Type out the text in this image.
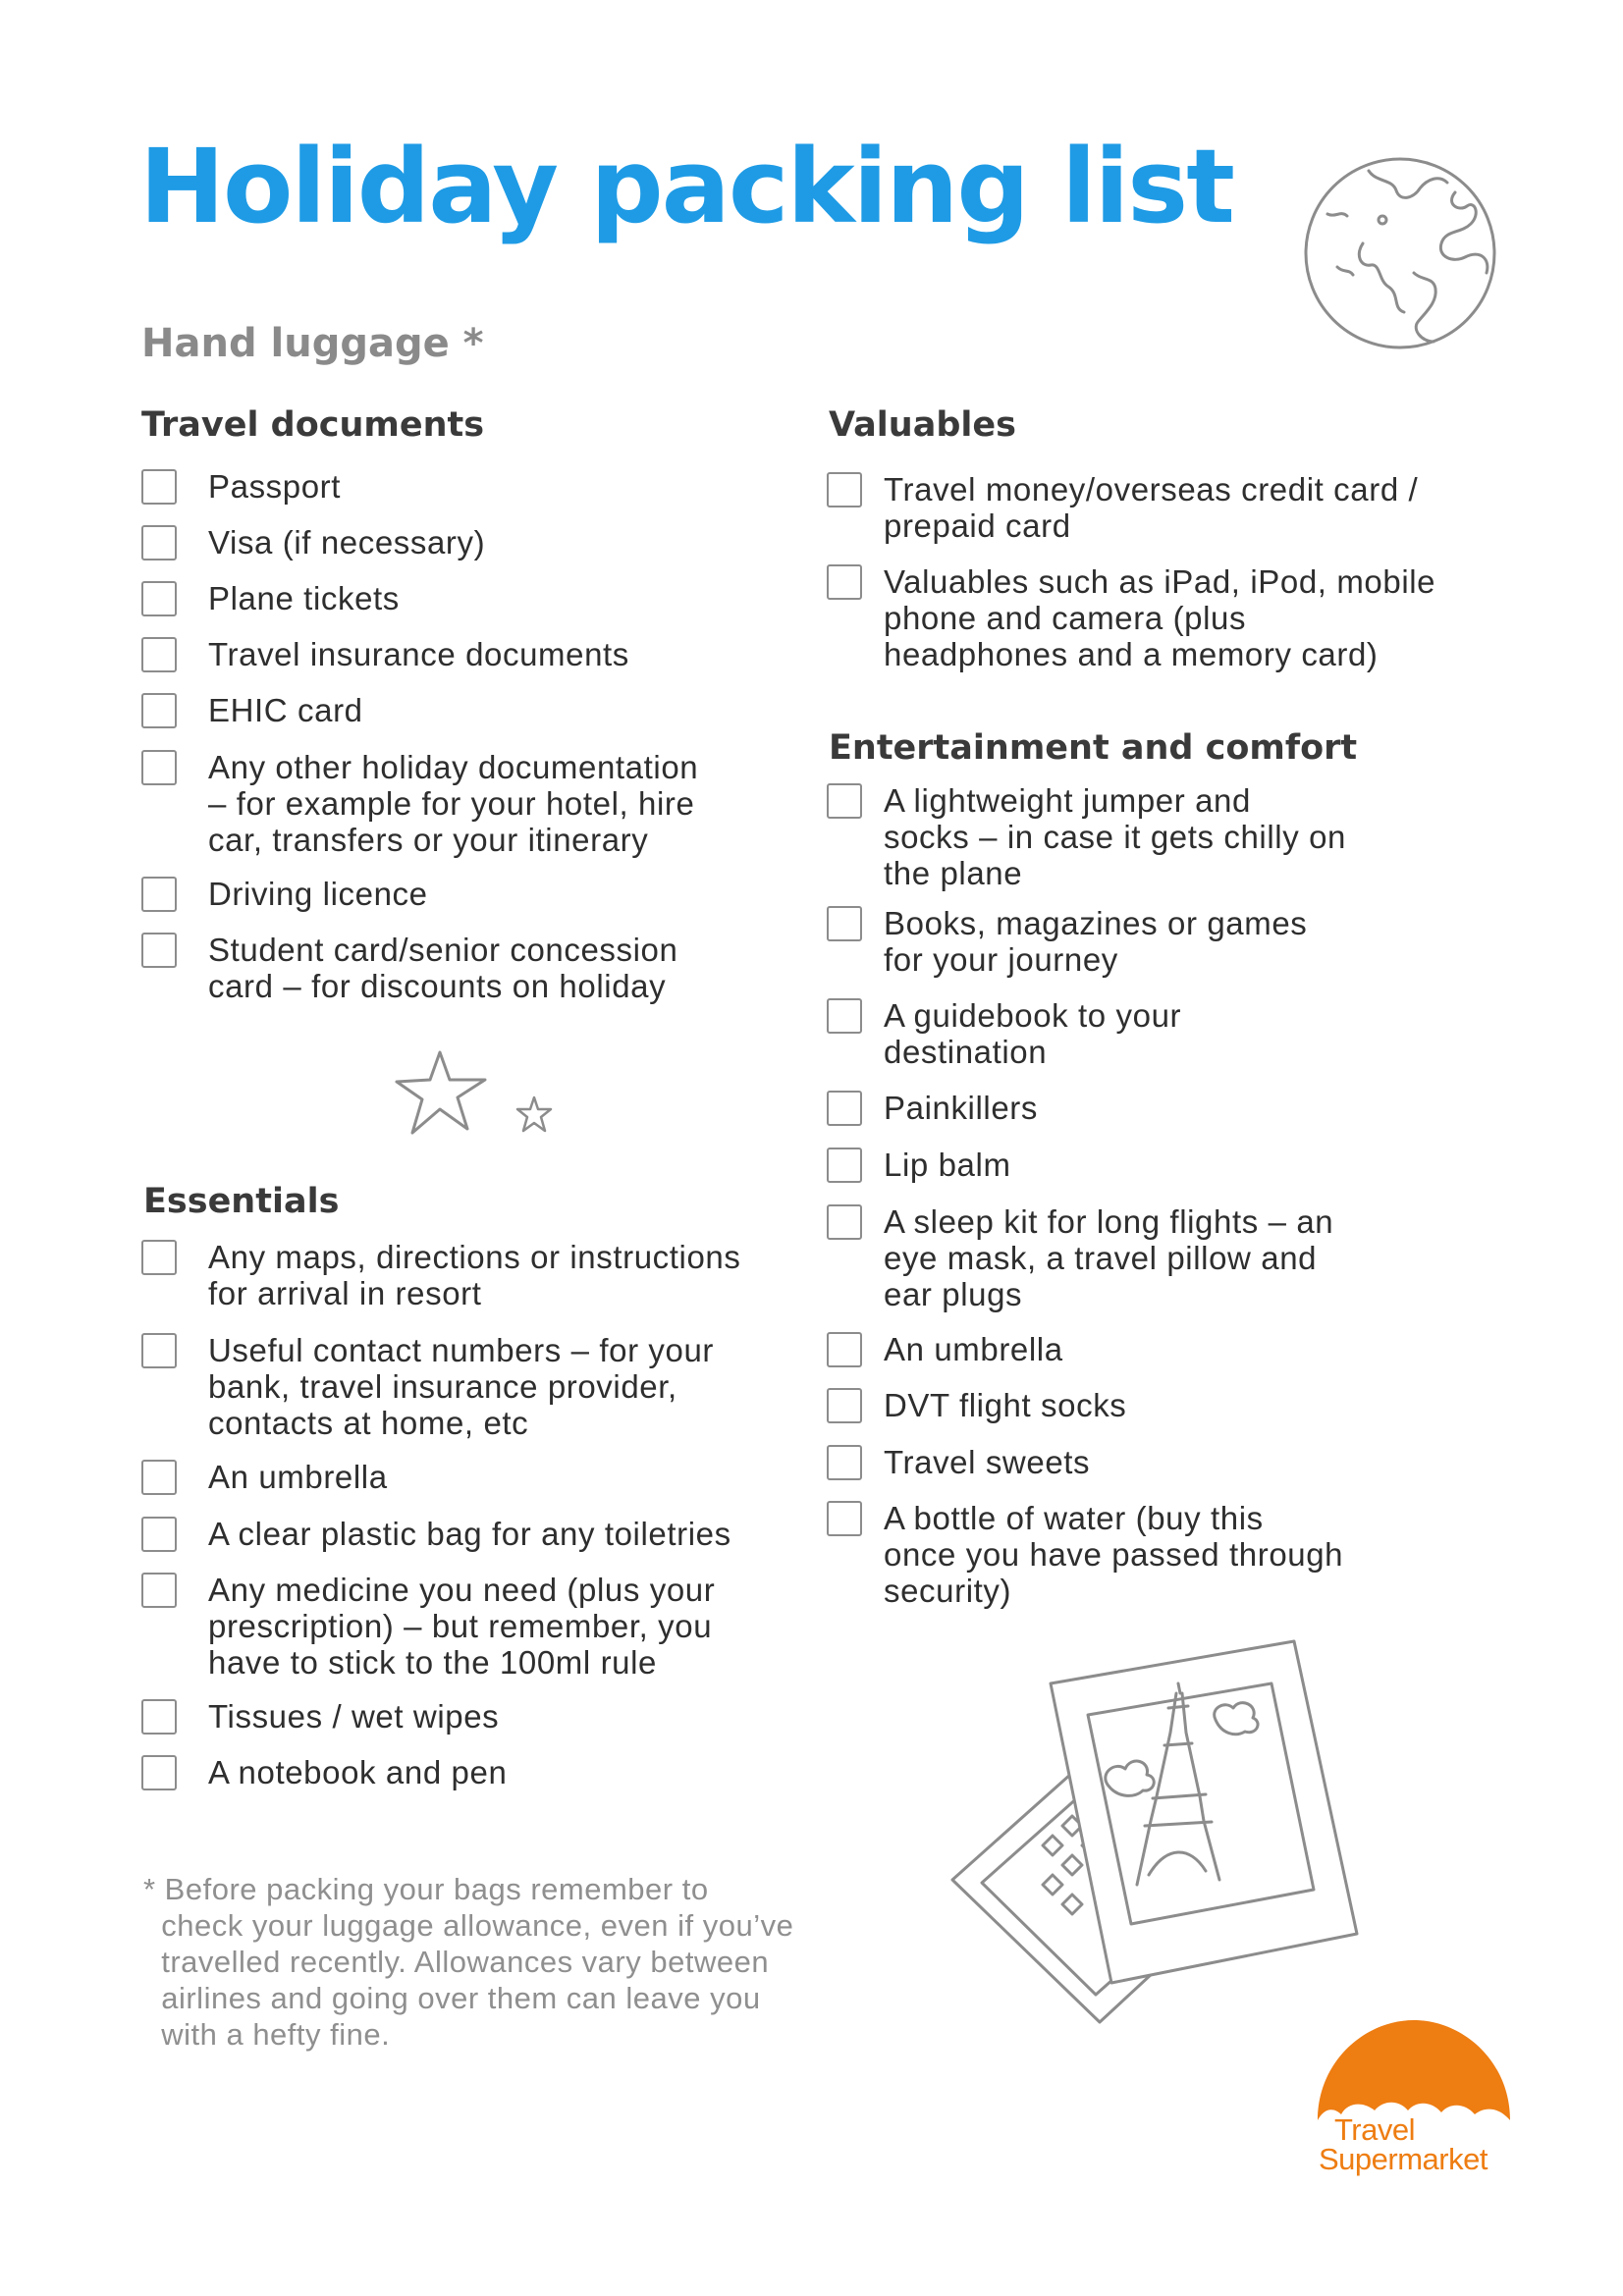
Holiday packing list
Hand luggage *
Travel
Supermarket
Travel documents
Passport
Visa (if necessary)
Plane tickets
Travel insurance documents
EHIC card
Any other holiday documentation
– for example for your hotel, hire
car, transfers or your itinerary
Driving licence
Student card/senior concession
card – for discounts on holiday
Essentials
Any maps, directions or instructions
for arrival in resort
Useful contact numbers – for your
bank, travel insurance provider,
contacts at home, etc
An umbrella
A clear plastic bag for any toiletries
Any medicine you need (plus your
prescription) – but remember, you
have to stick to the 100ml rule
Tissues / wet wipes
A notebook and pen
Valuables
Travel money/overseas credit card /
prepaid card
Valuables such as iPad, iPod, mobile
phone and camera (plus
headphones and a memory card)
Entertainment and comfort
A lightweight jumper and
socks – in case it gets chilly on
the plane
Books, magazines or games
for your journey
A guidebook to your
destination
Painkillers
Lip balm
A sleep kit for long flights – an
eye mask, a travel pillow and
ear plugs
An umbrella
DVT flight socks
Travel sweets
A bottle of water (buy this
once you have passed through
security)
* Before packing your bags remember to
check your luggage allowance, even if you’ve
travelled recently. Allowances vary between
airlines and going over them can leave you
with a hefty fine.
